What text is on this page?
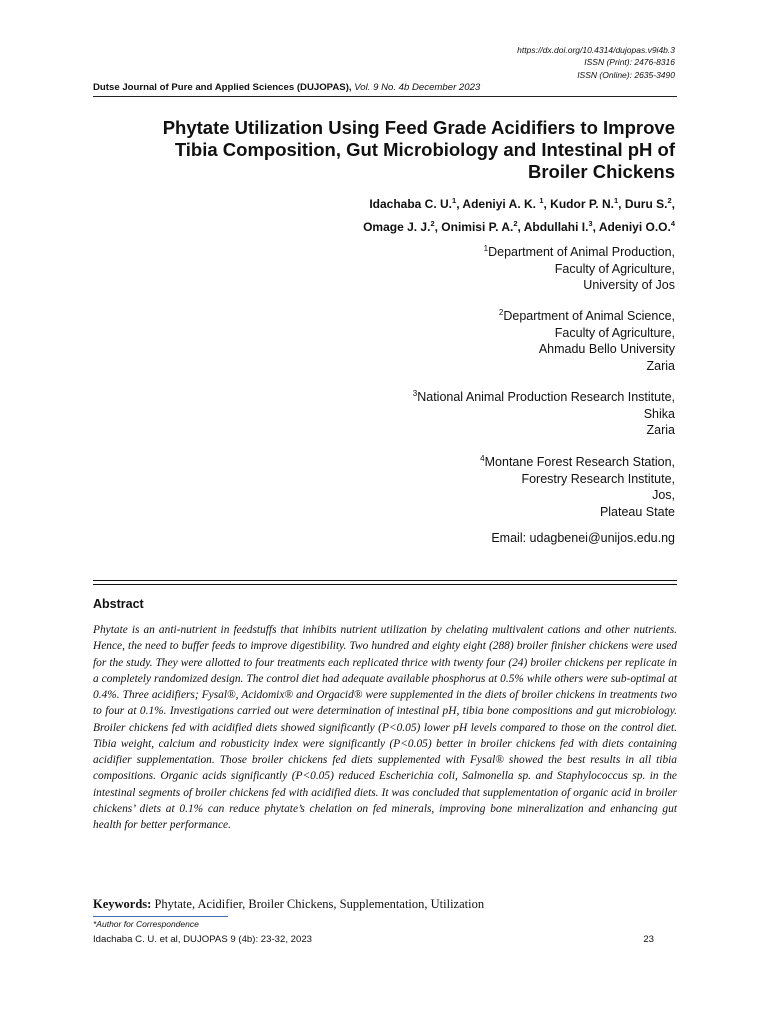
https://dx.doi.org/10.4314/dujopas.v9i4b.3
ISSN (Print): 2476-8316
ISSN (Online): 2635-3490
Dutse Journal of Pure and Applied Sciences (DUJOPAS), Vol. 9 No. 4b December 2023
Phytate Utilization Using Feed Grade Acidifiers to Improve Tibia Composition, Gut Microbiology and Intestinal pH of Broiler Chickens
Idachaba C. U.$^1$, Adeniyi A. K. $^1$, Kudor P. N.$^1$, Duru S.$^2$,
Omage J. J.$^2$, Onimisi P. A.$^2$, Abdullahi I.$^3$, Adeniyi O.O.$^4$
$^1$Department of Animal Production,
Faculty of Agriculture,
University of Jos
$^2$Department of Animal Science,
Faculty of Agriculture,
Ahmadu Bello University
Zaria
$^3$National Animal Production Research Institute,
Shika
Zaria
$^4$Montane Forest Research Station,
Forestry Research Institute,
Jos,
Plateau State
Email: udagbenei@unijos.edu.ng
Abstract

Phytate is an anti-nutrient in feedstuffs that inhibits nutrient utilization by chelating multivalent cations and other nutrients. Hence, the need to buffer feeds to improve digestibility. Two hundred and eighty eight (288) broiler finisher chickens were used for the study. They were allotted to four treatments each replicated thrice with twenty four (24) broiler chickens per replicate in a completely randomized design. The control diet had adequate available phosphorus at 0.5% while others were sub-optimal at 0.4%. Three acidifiers; Fysal®, Acidomix® and Orgacid® were supplemented in the diets of broiler chickens in treatments two to four at 0.1%. Investigations carried out were determination of intestinal pH, tibia bone compositions and gut microbiology. Broiler chickens fed with acidified diets showed significantly (P<0.05) lower pH levels compared to those on the control diet. Tibia weight, calcium and robusticity index were significantly (P<0.05) better in broiler chickens fed with diets containing acidifier supplementation. Those broiler chickens fed diets supplemented with Fysal® showed the best results in all tibia compositions. Organic acids significantly (P<0.05) reduced Escherichia coli, Salmonella sp. and Staphylococcus sp. in the intestinal segments of broiler chickens fed with acidified diets. It was concluded that supplementation of organic acid in broiler chickens’ diets at 0.1% can reduce phytate’s chelation on fed minerals, improving bone mineralization and enhancing gut health for better performance.

Keywords: Phytate, Acidifier, Broiler Chickens, Supplementation, Utilization
*Author for Correspondence
Idachaba C. U. et al, DUJOPAS 9 (4b): 23-32, 2023	23
